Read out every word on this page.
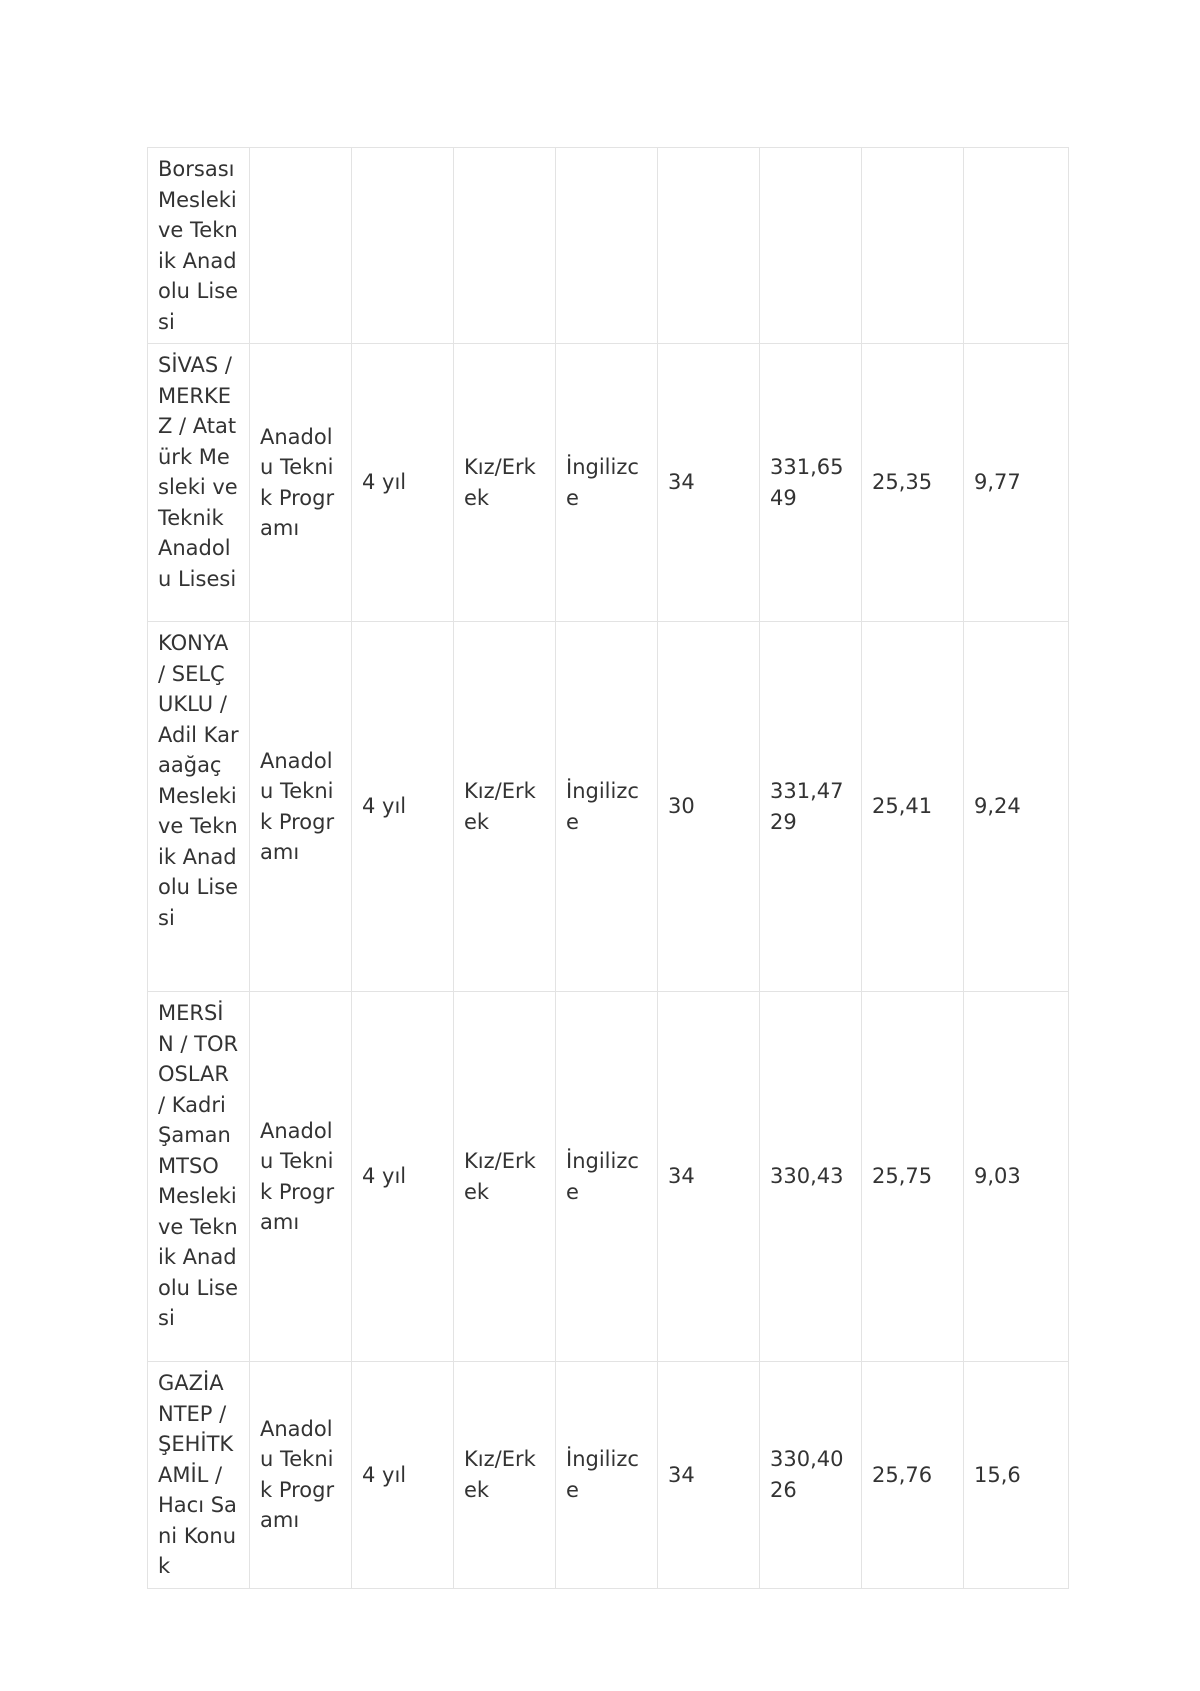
Borsası Mesleki ve Teknik Anadolu Lisesi								
SİVAS / MERKEZ / Atatürk Mesleki ve Teknik Anadolu Lisesi	Anadolu Teknik Programı	4 yıl	Kız/Erkek	İngilizce	34	331,6549	25,35	9,77
KONYA / SELÇUKLU / Adil Karaağaç Mesleki ve Teknik Anadolu Lisesi	Anadolu Teknik Programı	4 yıl	Kız/Erkek	İngilizce	30	331,4729	25,41	9,24
MERSİN / TOROSLAR / Kadri Şaman MTSO Mesleki ve Teknik Anadolu Lisesi	Anadolu Teknik Programı	4 yıl	Kız/Erkek	İngilizce	34	330,43	25,75	9,03
GAZİANTEP / ŞEHİTKAMİL / Hacı Sani Konuk	Anadolu Teknik Programı	4 yıl	Kız/Erkek	İngilizce	34	330,4026	25,76	15,6
